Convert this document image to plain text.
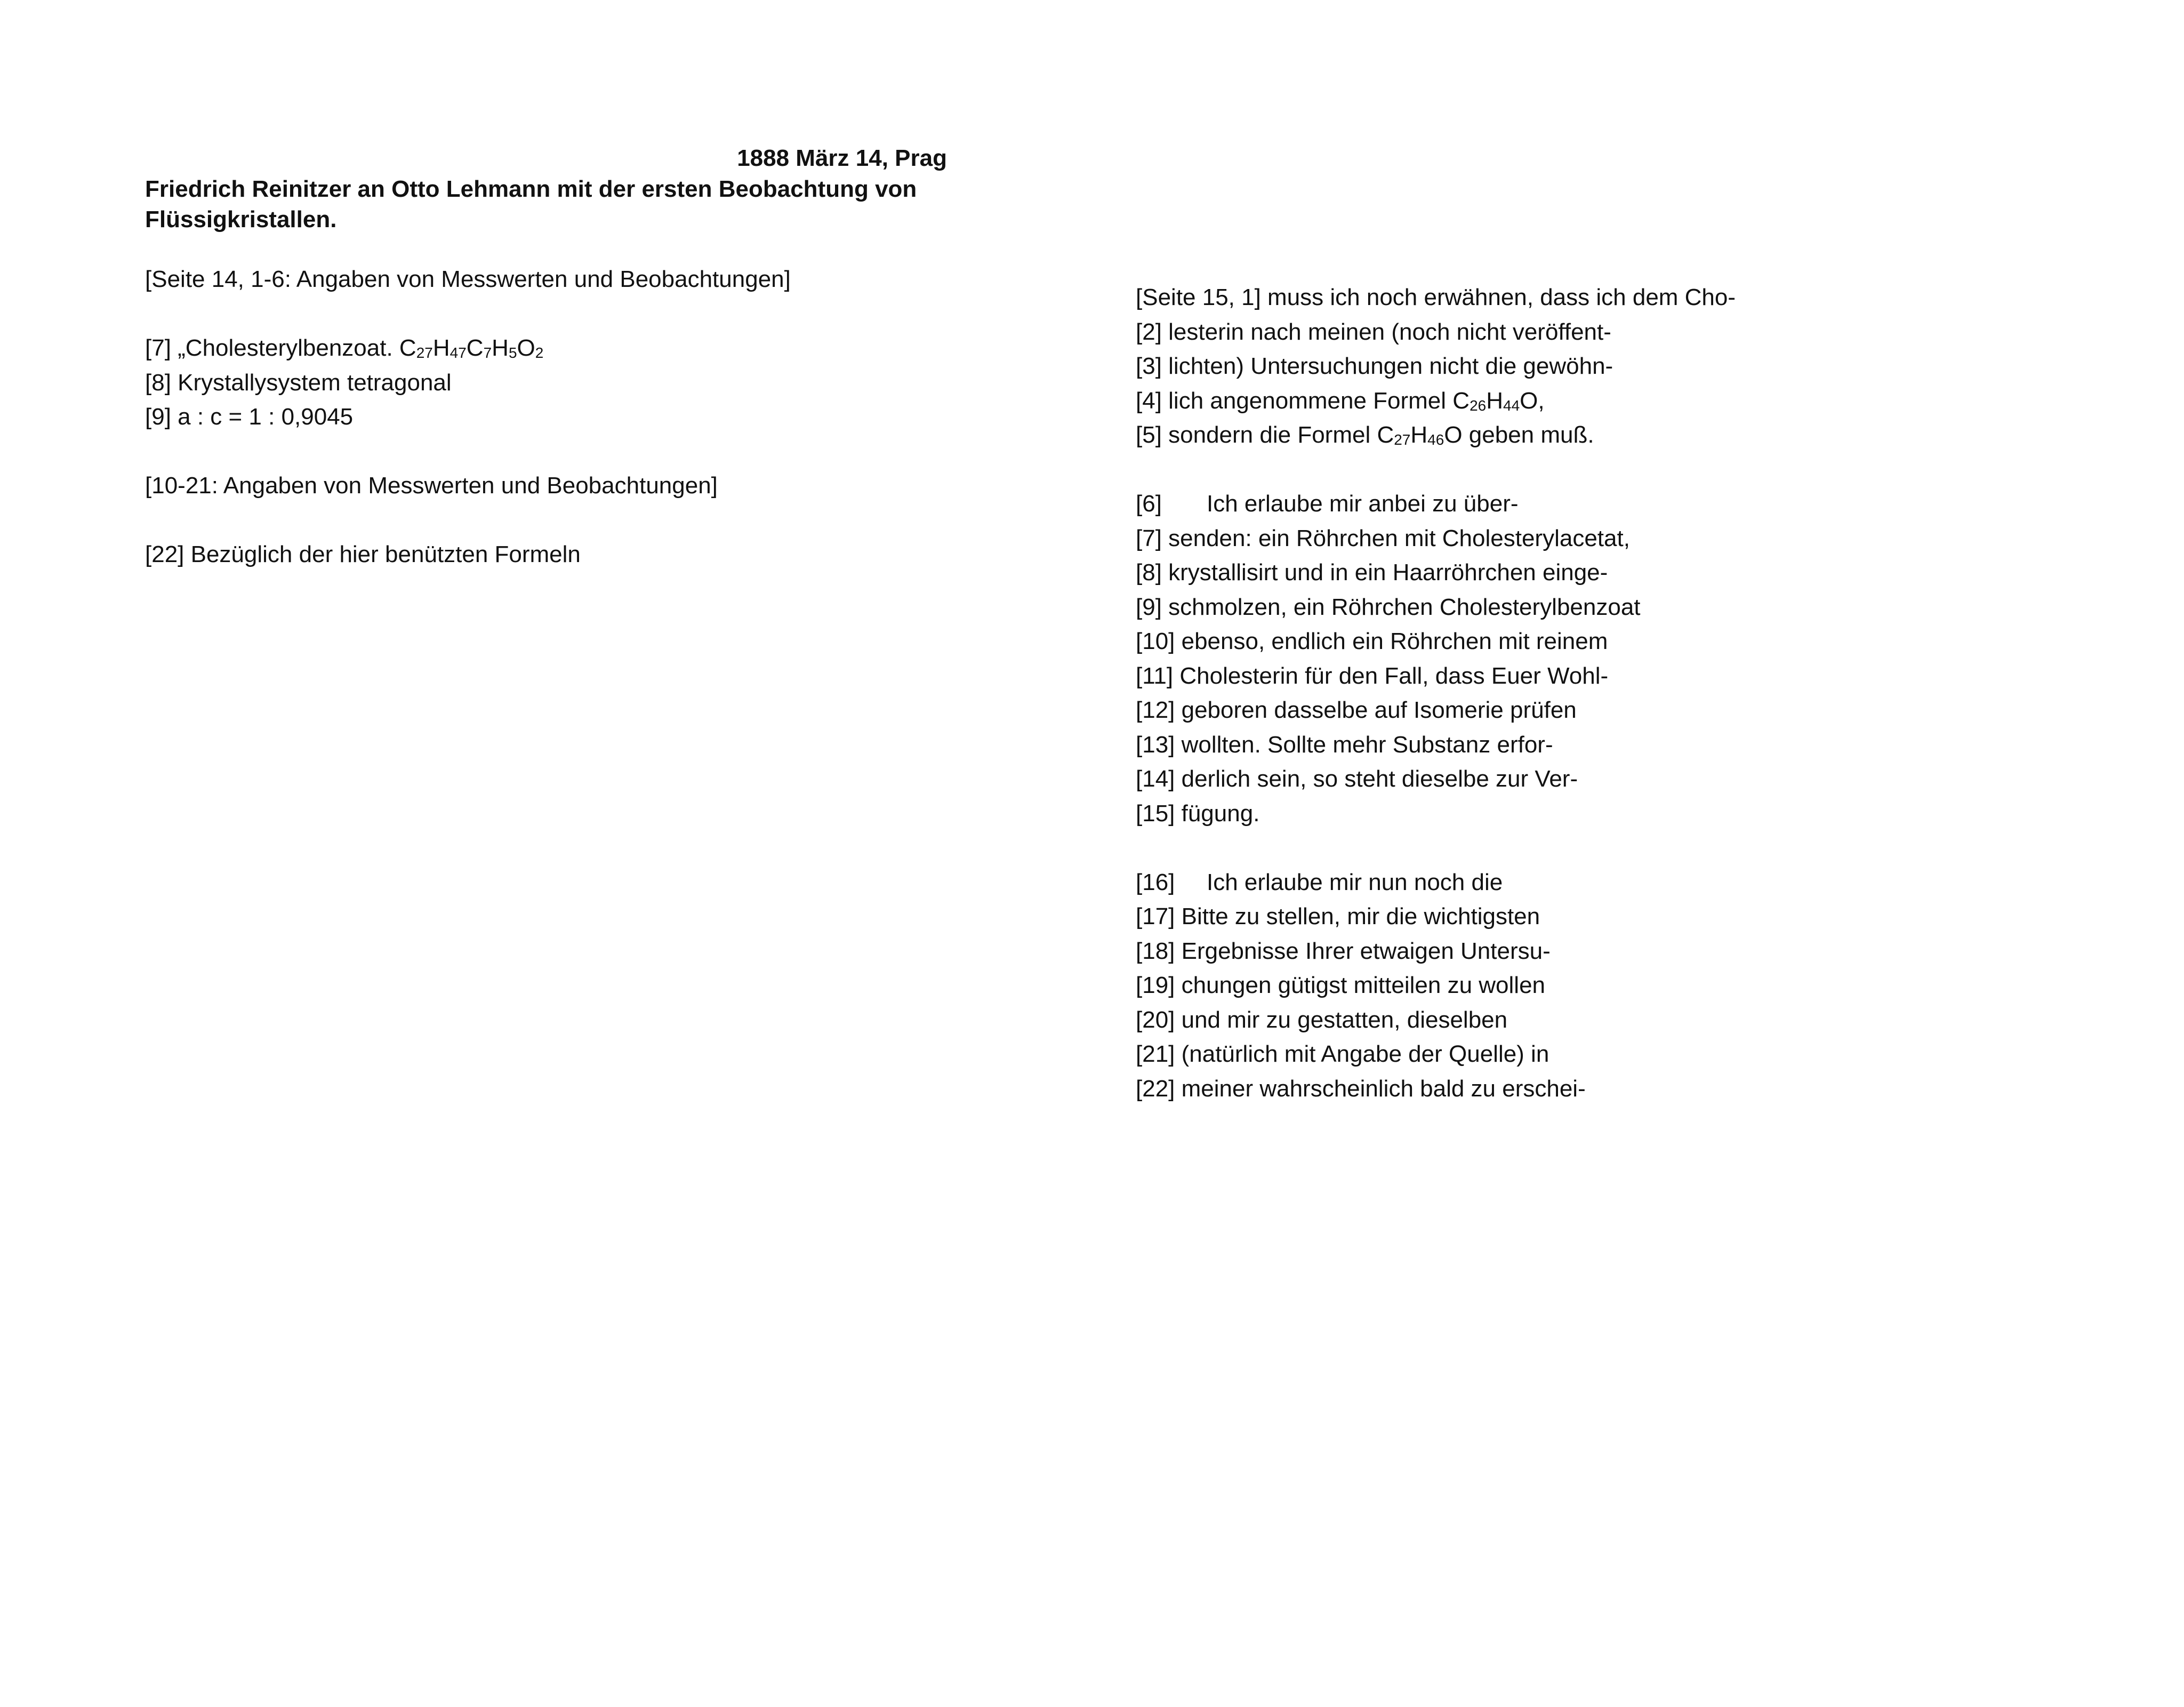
1888 März 14, Prag
Friedrich Reinitzer an Otto Lehmann mit der ersten Beobachtung von Flüssigkristallen.
[Seite 14, 1-6: Angaben von Messwerten und Beobachtungen]
[7] „Cholesterylbenzoat. $C_{27}H_{47}C_7H_5O_2$
[8] Krystallysystem tetragonal
[9] a : c = 1 : 0,9045
[10-21: Angaben von Messwerten und Beobachtungen]
[22] Bezüglich der hier benützten Formeln
[Seite 15, 1] muss ich noch erwähnen, dass ich dem Cho-
[2] lesterin nach meinen (noch nicht veröffent-
[3] lichten) Untersuchungen nicht die gewöhn-
[4] lich angenommene Formel $C_{26}H_{44}O$,
[5] sondern die Formel $C_{27}H_{46}O$ geben muß.
[6] Ich erlaube mir anbei zu über-
[7] senden: ein Röhrchen mit Cholesterylacetat,
[8] krystallisirt und in ein Haarröhrchen einge-
[9] schmolzen, ein Röhrchen Cholesterylbenzoat
[10] ebenso, endlich ein Röhrchen mit reinem
[11] Cholesterin für den Fall, dass Euer Wohl-
[12] geboren dasselbe auf Isomerie prüfen
[13] wollten. Sollte mehr Substanz erfor-
[14] derlich sein, so steht dieselbe zur Ver-
[15] fügung.
[16] Ich erlaube mir nun noch die
[17] Bitte zu stellen, mir die wichtigsten
[18] Ergebnisse Ihrer etwaigen Untersu-
[19] chungen gütigst mitteilen zu wollen
[20] und mir zu gestatten, dieselben
[21] (natürlich mit Angabe der Quelle) in
[22] meiner wahrscheinlich bald zu erschei-
